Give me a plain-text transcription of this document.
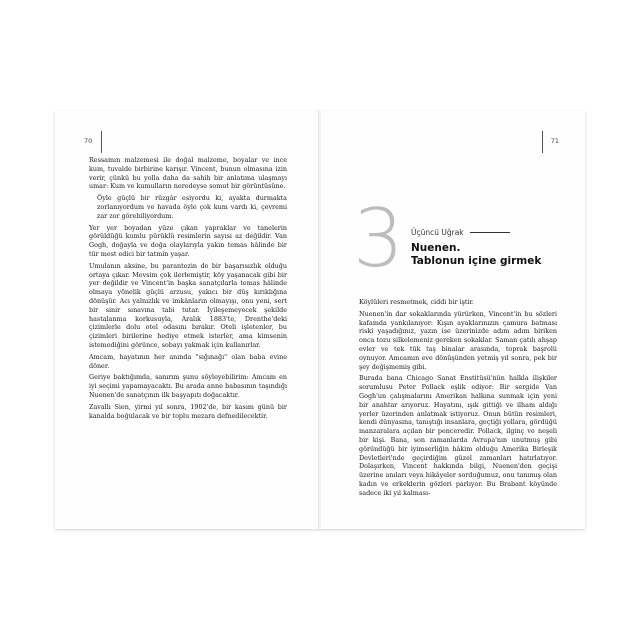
70

Ressamın malzemesi ile doğal malzeme, boyalar ve ince kum, tuvalde birbirine karışır. Vincent, bunun olmasına izin verir, çünkü bu yolla daha da sahih bir anlatıma ulaşmayı umar: Kum ve kumulların neredeyse somut bir görüntüsüne.

Öyle güçlü bir rüzgâr esiyordu ki, ayakta durmakta zorlanıyordum ve havada öyle çok kum vardı ki, çevremi zar zor görebiliyordum.

Yer yer boyadan yüze çıkan yapraklar ve tanelerin görüldüğü kumlu pürüklü resimlerin sayısı az değildir. Van Gogh, doğayla ve doğa olaylarıyla yakın temas hâlinde bir tür mest edici bir tatmin yaşar.

Umulanın aksine, bu parantezin de bir başarısızlık olduğu ortaya çıkar. Mevsim çok ilerlemiştir, köy yaşanacak gibi bir yer değildir ve Vincent'in başka sanatçılarla temas hâlinde olmaya yönelik güçlü arzusu, yakıcı bir düş kırıklığına dönüşür. Acı yalnızlık ve imkânların olmayışı, onu yeni, sert bir sinir sınavına tabi tutar. İyileşemeyecek şekilde hastalanma korkusuyla, Aralık 1883'te, Drenthe'deki çizimlerle dolu otel odasını bırakır. Oteli işletenler, bu çizimleri birilerine hediye etmek isterler, ama kimsenin istemediğini görünce, sobayı yakmak için kullanırlar.

Amcam, hayatının her anında "sığınağı" olan baba evine döner.

Geriye baktığımda, sanırım şunu söyleyebilirim: Amcam en iyi seçimi yapamayacaktı. Bu arada anne babasının taşındığı Nuenen'de sanatçının ilk başyapıtı doğacaktır.

Zavallı Sien, yirmi yıl sonra, 1902'de, bir kasım günü bir kanalda boğulacak ve bir toplu mezara defnedilecektir.

71
3 Üçüncü Uğrak
Nuenen.
Tablonun içine girmek

Köylüleri resmetmek, ciddi bir iştir.

Nuenen'in dar sokaklarında yürürken, Vincent'in bu sözleri kafamda yankılanıyor: Kışın ayaklarınızın çamura batması riski yaşadığınız, yazın ise üzerinizde adım adım biriken onca tozu silkelemeniz gereken sokaklar. Saman çatılı ahşap evler ve tek tük taş binalar arasında, toprak başrolü oynuyor. Amcamın eve dönüşünden yetmiş yıl sonra, pek bir şey değişmemiş gibi.

Burada bana Chicago Sanat Enstitüsü'nün halkla ilişkiler sorumlusu Peter Pollack eşlik ediyor: Bir sergide Van Gogh'un çalışmalarını Amerikan halkına sunmak için yeni bir anahtar arıyoruz. Hayatını, ışık gittiği ve ilham aldığı yerler üzerinden anlatmak istiyoruz. Onun bütün resimleri, kendi dünyasına, tanıştığı insanlara, geçtiği yollara, gördüğü manzaralara açılan bir penceredir. Pollack, ilginç ve neşeli bir kişi. Bana, son zamanlarda Avrupa'nın unutmuş gibi göründüğü bir iyimserliğin hâkim olduğu Amerika Birleşik Devletleri'nde geçirdiğim güzel zamanları hatırlatıyor. Dolaşırken, Vincent hakkında bilgi, Nuenen'den geçişi üzerine anıları veya hikâyeler sorduğumuz, onu tanımış olan kadın ve erkeklerin gözleri parlıyor. Bu Brabant köyünde sadece iki yıl kalması-
